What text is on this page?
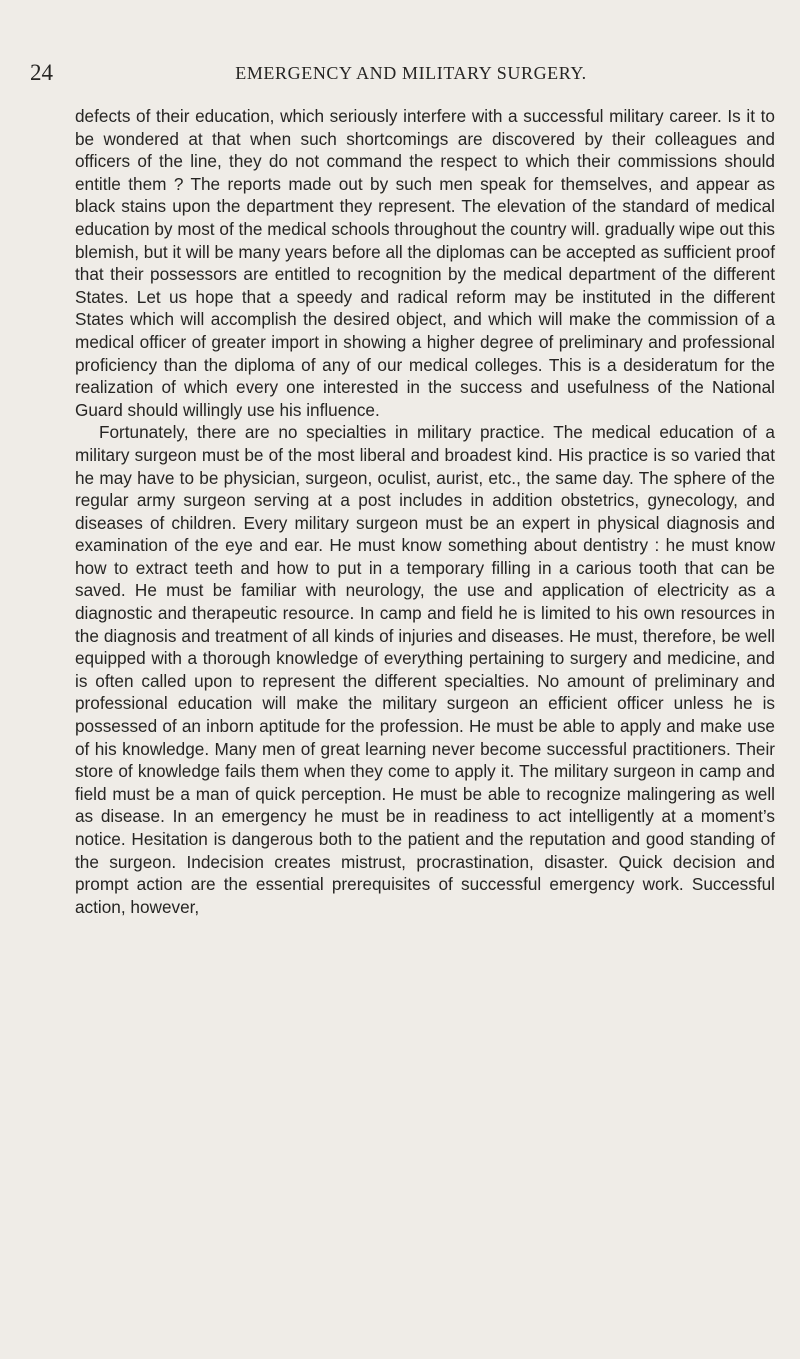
24	EMERGENCY AND MILITARY SURGERY.

defects of their education, which seriously interfere with a successful military career. Is it to be wondered at that when such shortcomings are discovered by their colleagues and officers of the line, they do not command the respect to which their commissions should entitle them ? The reports made out by such men speak for themselves, and appear as black stains upon the department they represent. The elevation of the standard of medical education by most of the medical schools throughout the country will. gradually wipe out this blemish, but it will be many years before all the diplomas can be accepted as sufficient proof that their possessors are entitled to recognition by the medical department of the different States. Let us hope that a speedy and radical reform may be instituted in the different States which will accomplish the desired object, and which will make the commission of a medical officer of greater import in showing a higher degree of preliminary and professional proficiency than the diploma of any of our medical colleges. This is a desideratum for the realization of which every one interested in the success and usefulness of the National Guard should willingly use his influence.

Fortunately, there are no specialties in military practice. The medical education of a military surgeon must be of the most liberal and broadest kind. His practice is so varied that he may have to be physician, surgeon, oculist, aurist, etc., the same day. The sphere of the regular army surgeon serving at a post includes in addition obstetrics, gynecology, and diseases of children. Every military surgeon must be an expert in physical diagnosis and examination of the eye and ear. He must know something about dentistry : he must know how to extract teeth and how to put in a temporary filling in a carious tooth that can be saved. He must be familiar with neurology, the use and application of electricity as a diagnostic and therapeutic resource. In camp and field he is limited to his own resources in the diagnosis and treatment of all kinds of injuries and diseases. He must, therefore, be well equipped with a thorough knowledge of everything pertaining to surgery and medicine, and is often called upon to represent the different specialties. No amount of preliminary and professional education will make the military surgeon an efficient officer unless he is possessed of an inborn aptitude for the profession. He must be able to apply and make use of his knowledge. Many men of great learning never become successful practitioners. Their store of knowledge fails them when they come to apply it. The military surgeon in camp and field must be a man of quick perception. He must be able to recognize malingering as well as disease. In an emergency he must be in readiness to act intelligently at a moment’s notice. Hesitation is dangerous both to the patient and the reputation and good standing of the surgeon. Indecision creates mistrust, procrastination, disaster. Quick decision and prompt action are the essential prerequisites of successful emergency work. Successful action, however,
